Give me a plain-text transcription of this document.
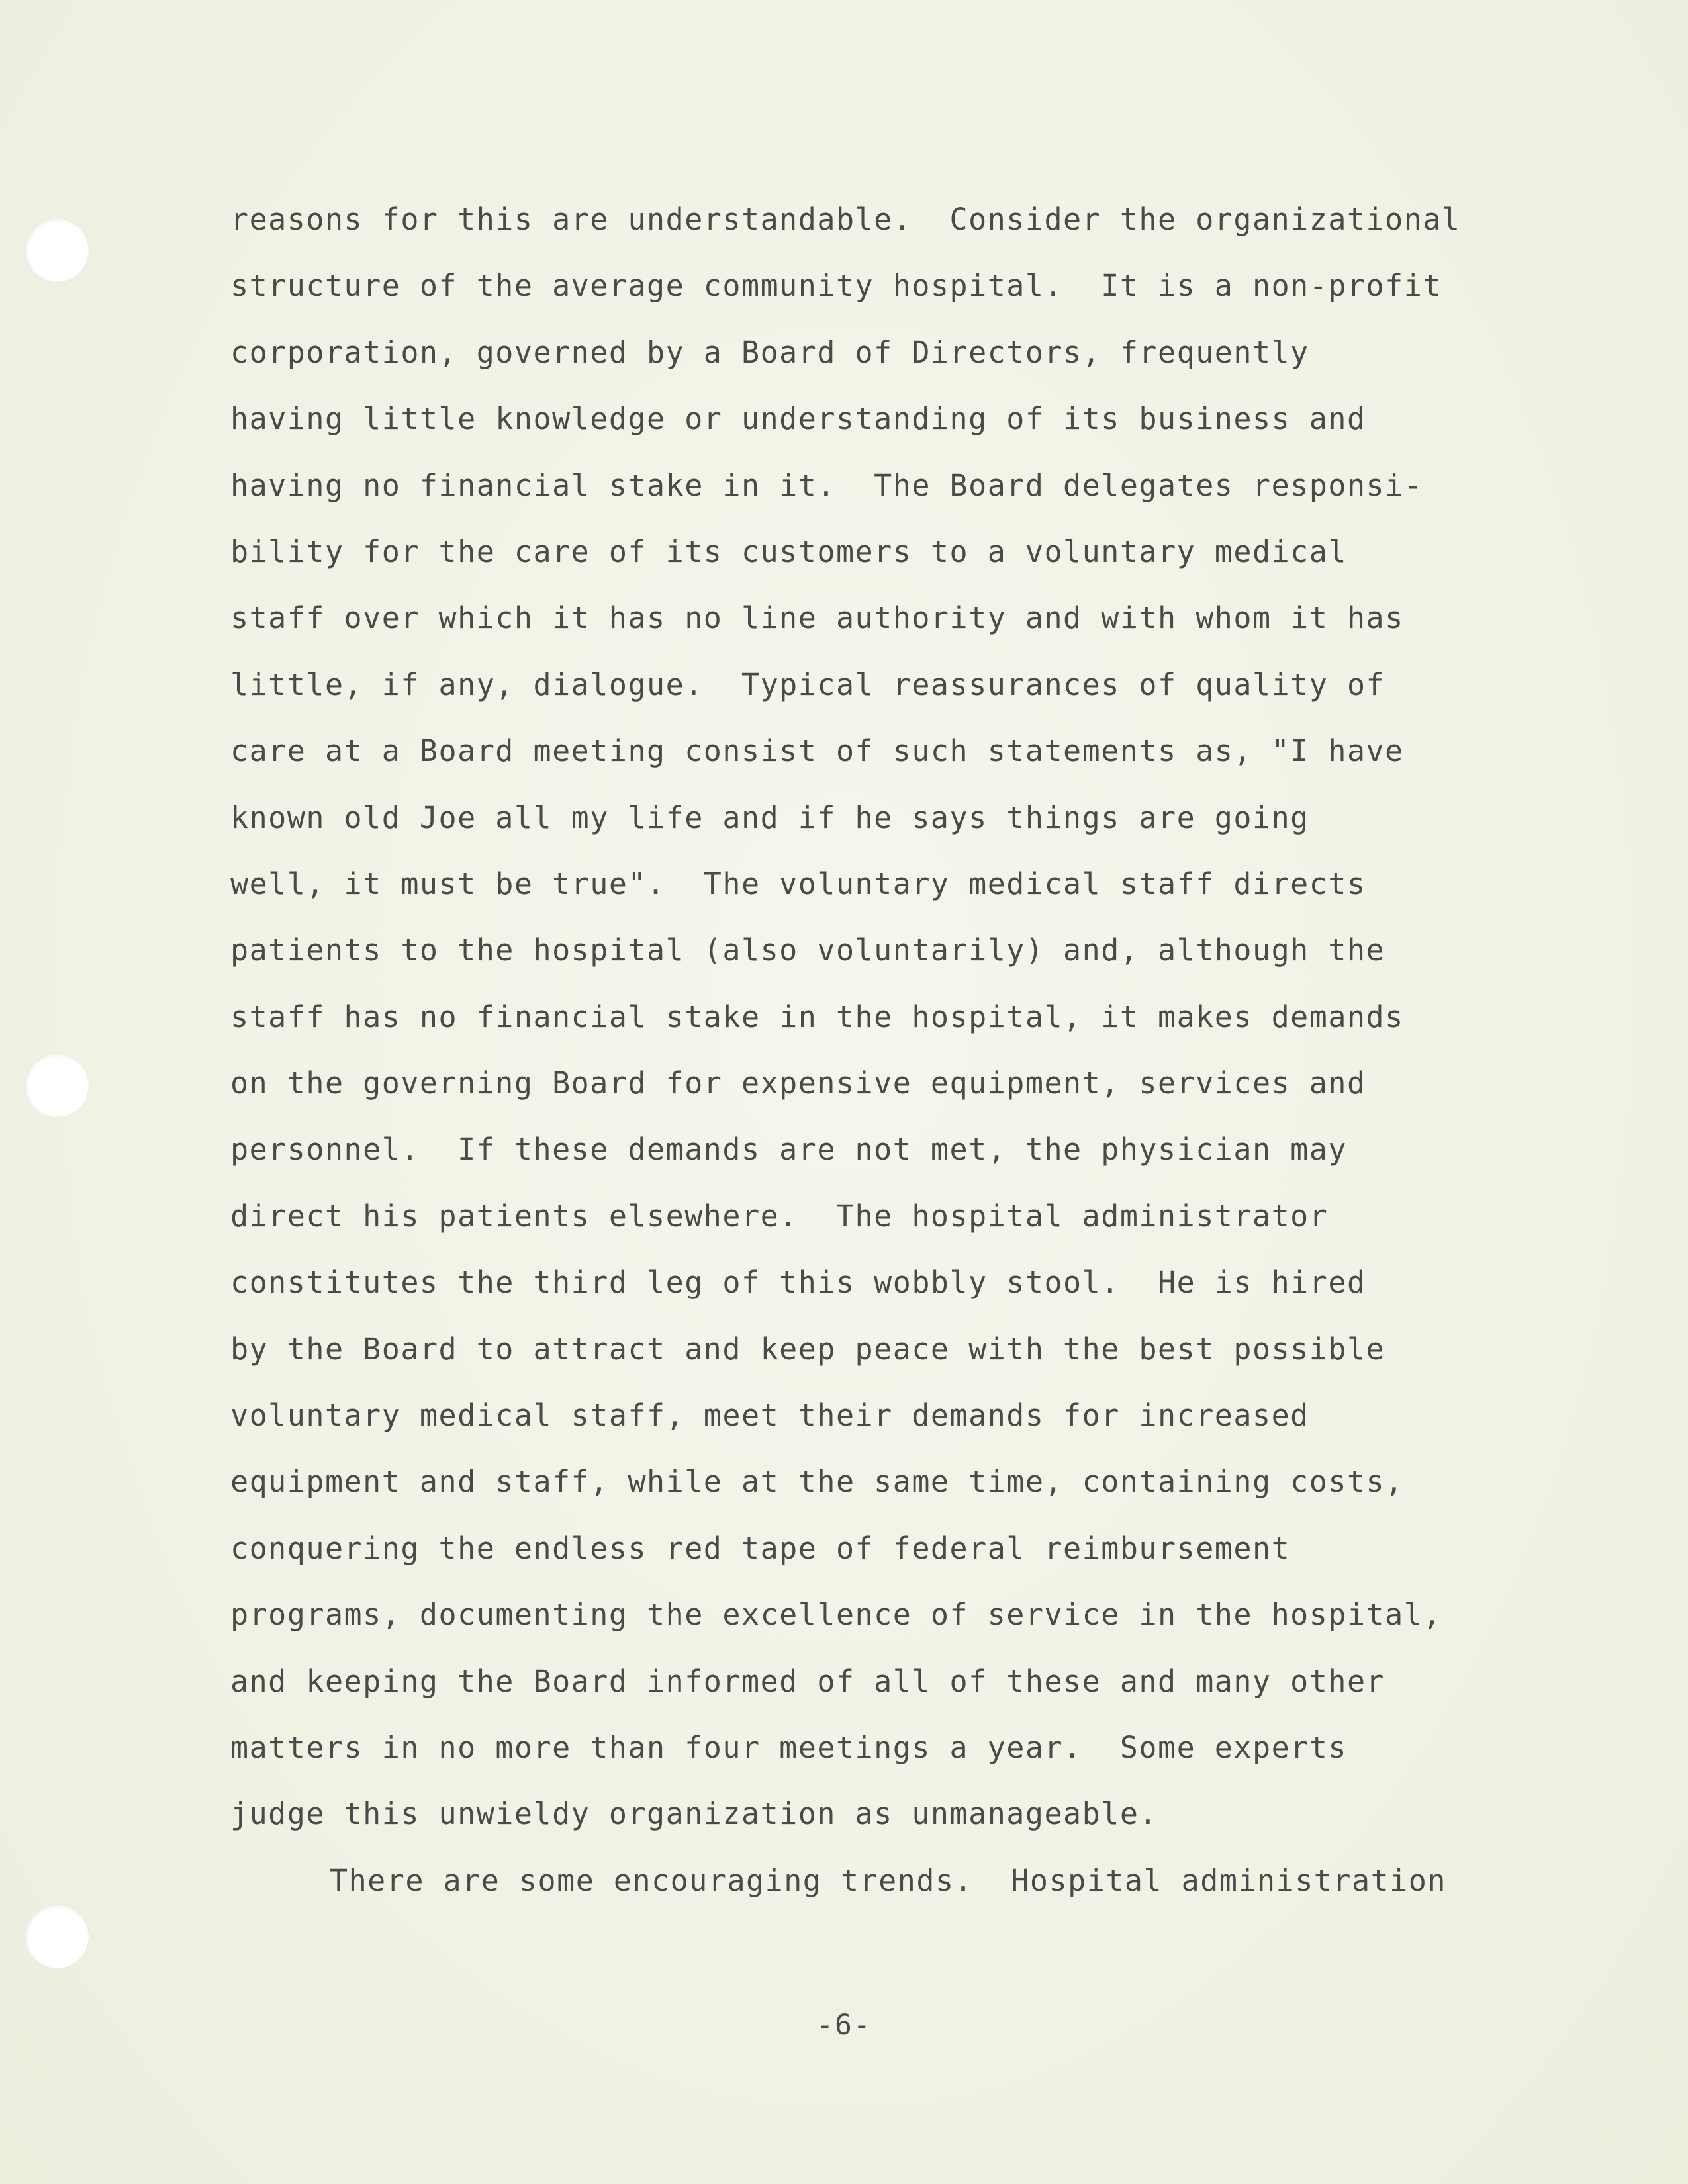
reasons for this are understandable.  Consider the organizational
structure of the average community hospital.  It is a non-profit
corporation, governed by a Board of Directors, frequently
having little knowledge or understanding of its business and
having no financial stake in it.  The Board delegates responsi-
bility for the care of its customers to a voluntary medical
staff over which it has no line authority and with whom it has
little, if any, dialogue.  Typical reassurances of quality of
care at a Board meeting consist of such statements as, "I have
known old Joe all my life and if he says things are going
well, it must be true".  The voluntary medical staff directs
patients to the hospital (also voluntarily) and, although the
staff has no financial stake in the hospital, it makes demands
on the governing Board for expensive equipment, services and
personnel.  If these demands are not met, the physician may
direct his patients elsewhere.  The hospital administrator
constitutes the third leg of this wobbly stool.  He is hired
by the Board to attract and keep peace with the best possible
voluntary medical staff, meet their demands for increased
equipment and staff, while at the same time, containing costs,
conquering the endless red tape of federal reimbursement
programs, documenting the excellence of service in the hospital,
and keeping the Board informed of all of these and many other
matters in no more than four meetings a year.  Some experts
judge this unwieldy organization as unmanageable.
There are some encouraging trends.  Hospital administration
-6-
